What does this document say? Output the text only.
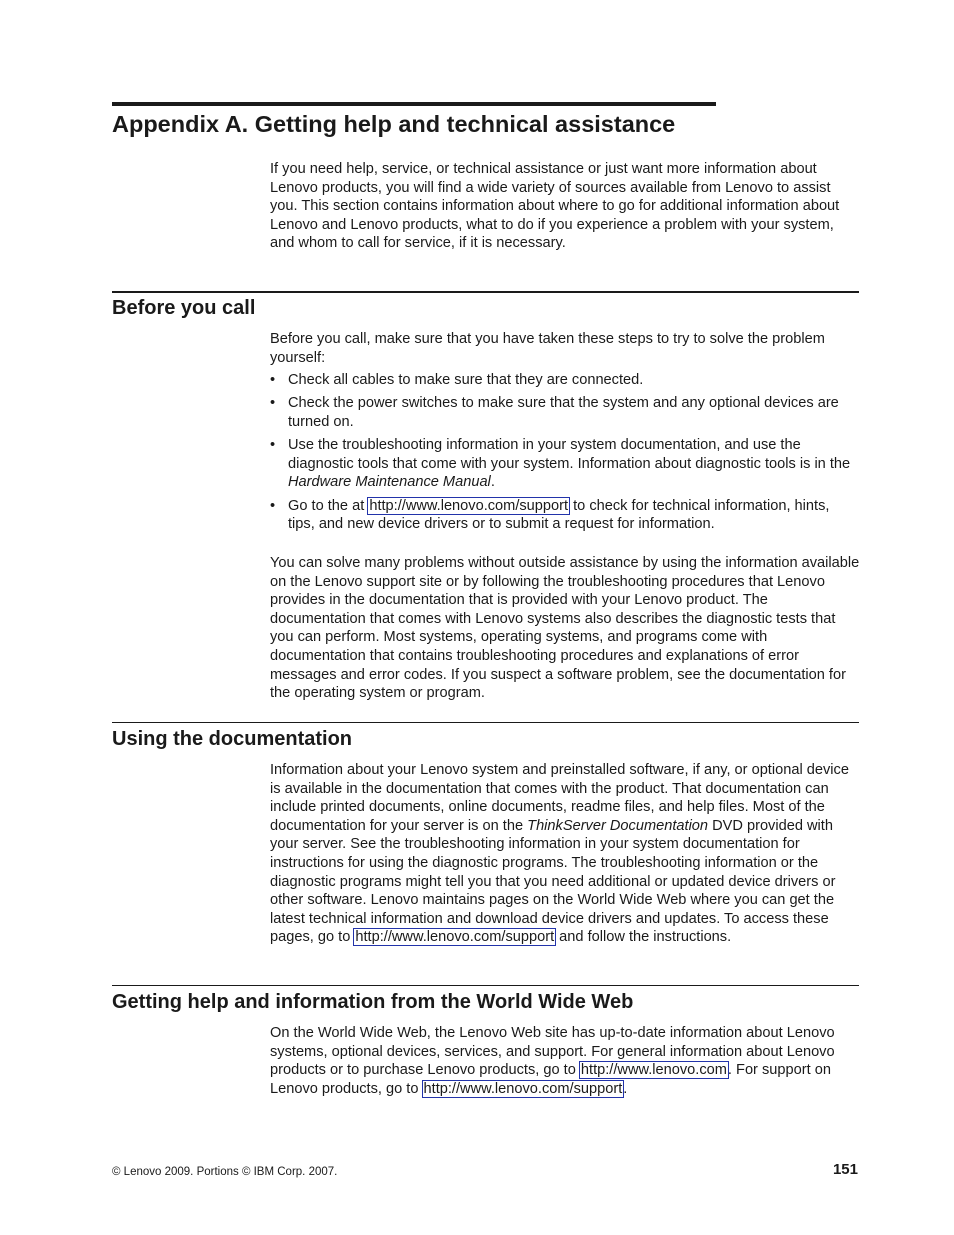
Appendix A. Getting help and technical assistance

If you need help, service, or technical assistance or just want more information about Lenovo products, you will find a wide variety of sources available from Lenovo to assist you. This section contains information about where to go for additional information about Lenovo and Lenovo products, what to do if you experience a problem with your system, and whom to call for service, if it is necessary.

Before you call

Before you call, make sure that you have taken these steps to try to solve the problem yourself:

• Check all cables to make sure that they are connected.
• Check the power switches to make sure that the system and any optional devices are turned on.
• Use the troubleshooting information in your system documentation, and use the diagnostic tools that come with your system. Information about diagnostic tools is in the Hardware Maintenance Manual.
• Go to the at http://www.lenovo.com/support to check for technical information, hints, tips, and new device drivers or to submit a request for information.

You can solve many problems without outside assistance by using the information available on the Lenovo support site or by following the troubleshooting procedures that Lenovo provides in the documentation that is provided with your Lenovo product. The documentation that comes with Lenovo systems also describes the diagnostic tests that you can perform. Most systems, operating systems, and programs come with documentation that contains troubleshooting procedures and explanations of error messages and error codes. If you suspect a software problem, see the documentation for the operating system or program.

Using the documentation

Information about your Lenovo system and preinstalled software, if any, or optional device is available in the documentation that comes with the product. That documentation can include printed documents, online documents, readme files, and help files. Most of the documentation for your server is on the ThinkServer Documentation DVD provided with your server. See the troubleshooting information in your system documentation for instructions for using the diagnostic programs. The troubleshooting information or the diagnostic programs might tell you that you need additional or updated device drivers or other software. Lenovo maintains pages on the World Wide Web where you can get the latest technical information and download device drivers and updates. To access these pages, go to http://www.lenovo.com/support and follow the instructions.

Getting help and information from the World Wide Web

On the World Wide Web, the Lenovo Web site has up-to-date information about Lenovo systems, optional devices, services, and support. For general information about Lenovo products or to purchase Lenovo products, go to http://www.lenovo.com. For support on Lenovo products, go to http://www.lenovo.com/support.

© Lenovo 2009. Portions © IBM Corp. 2007.	151
